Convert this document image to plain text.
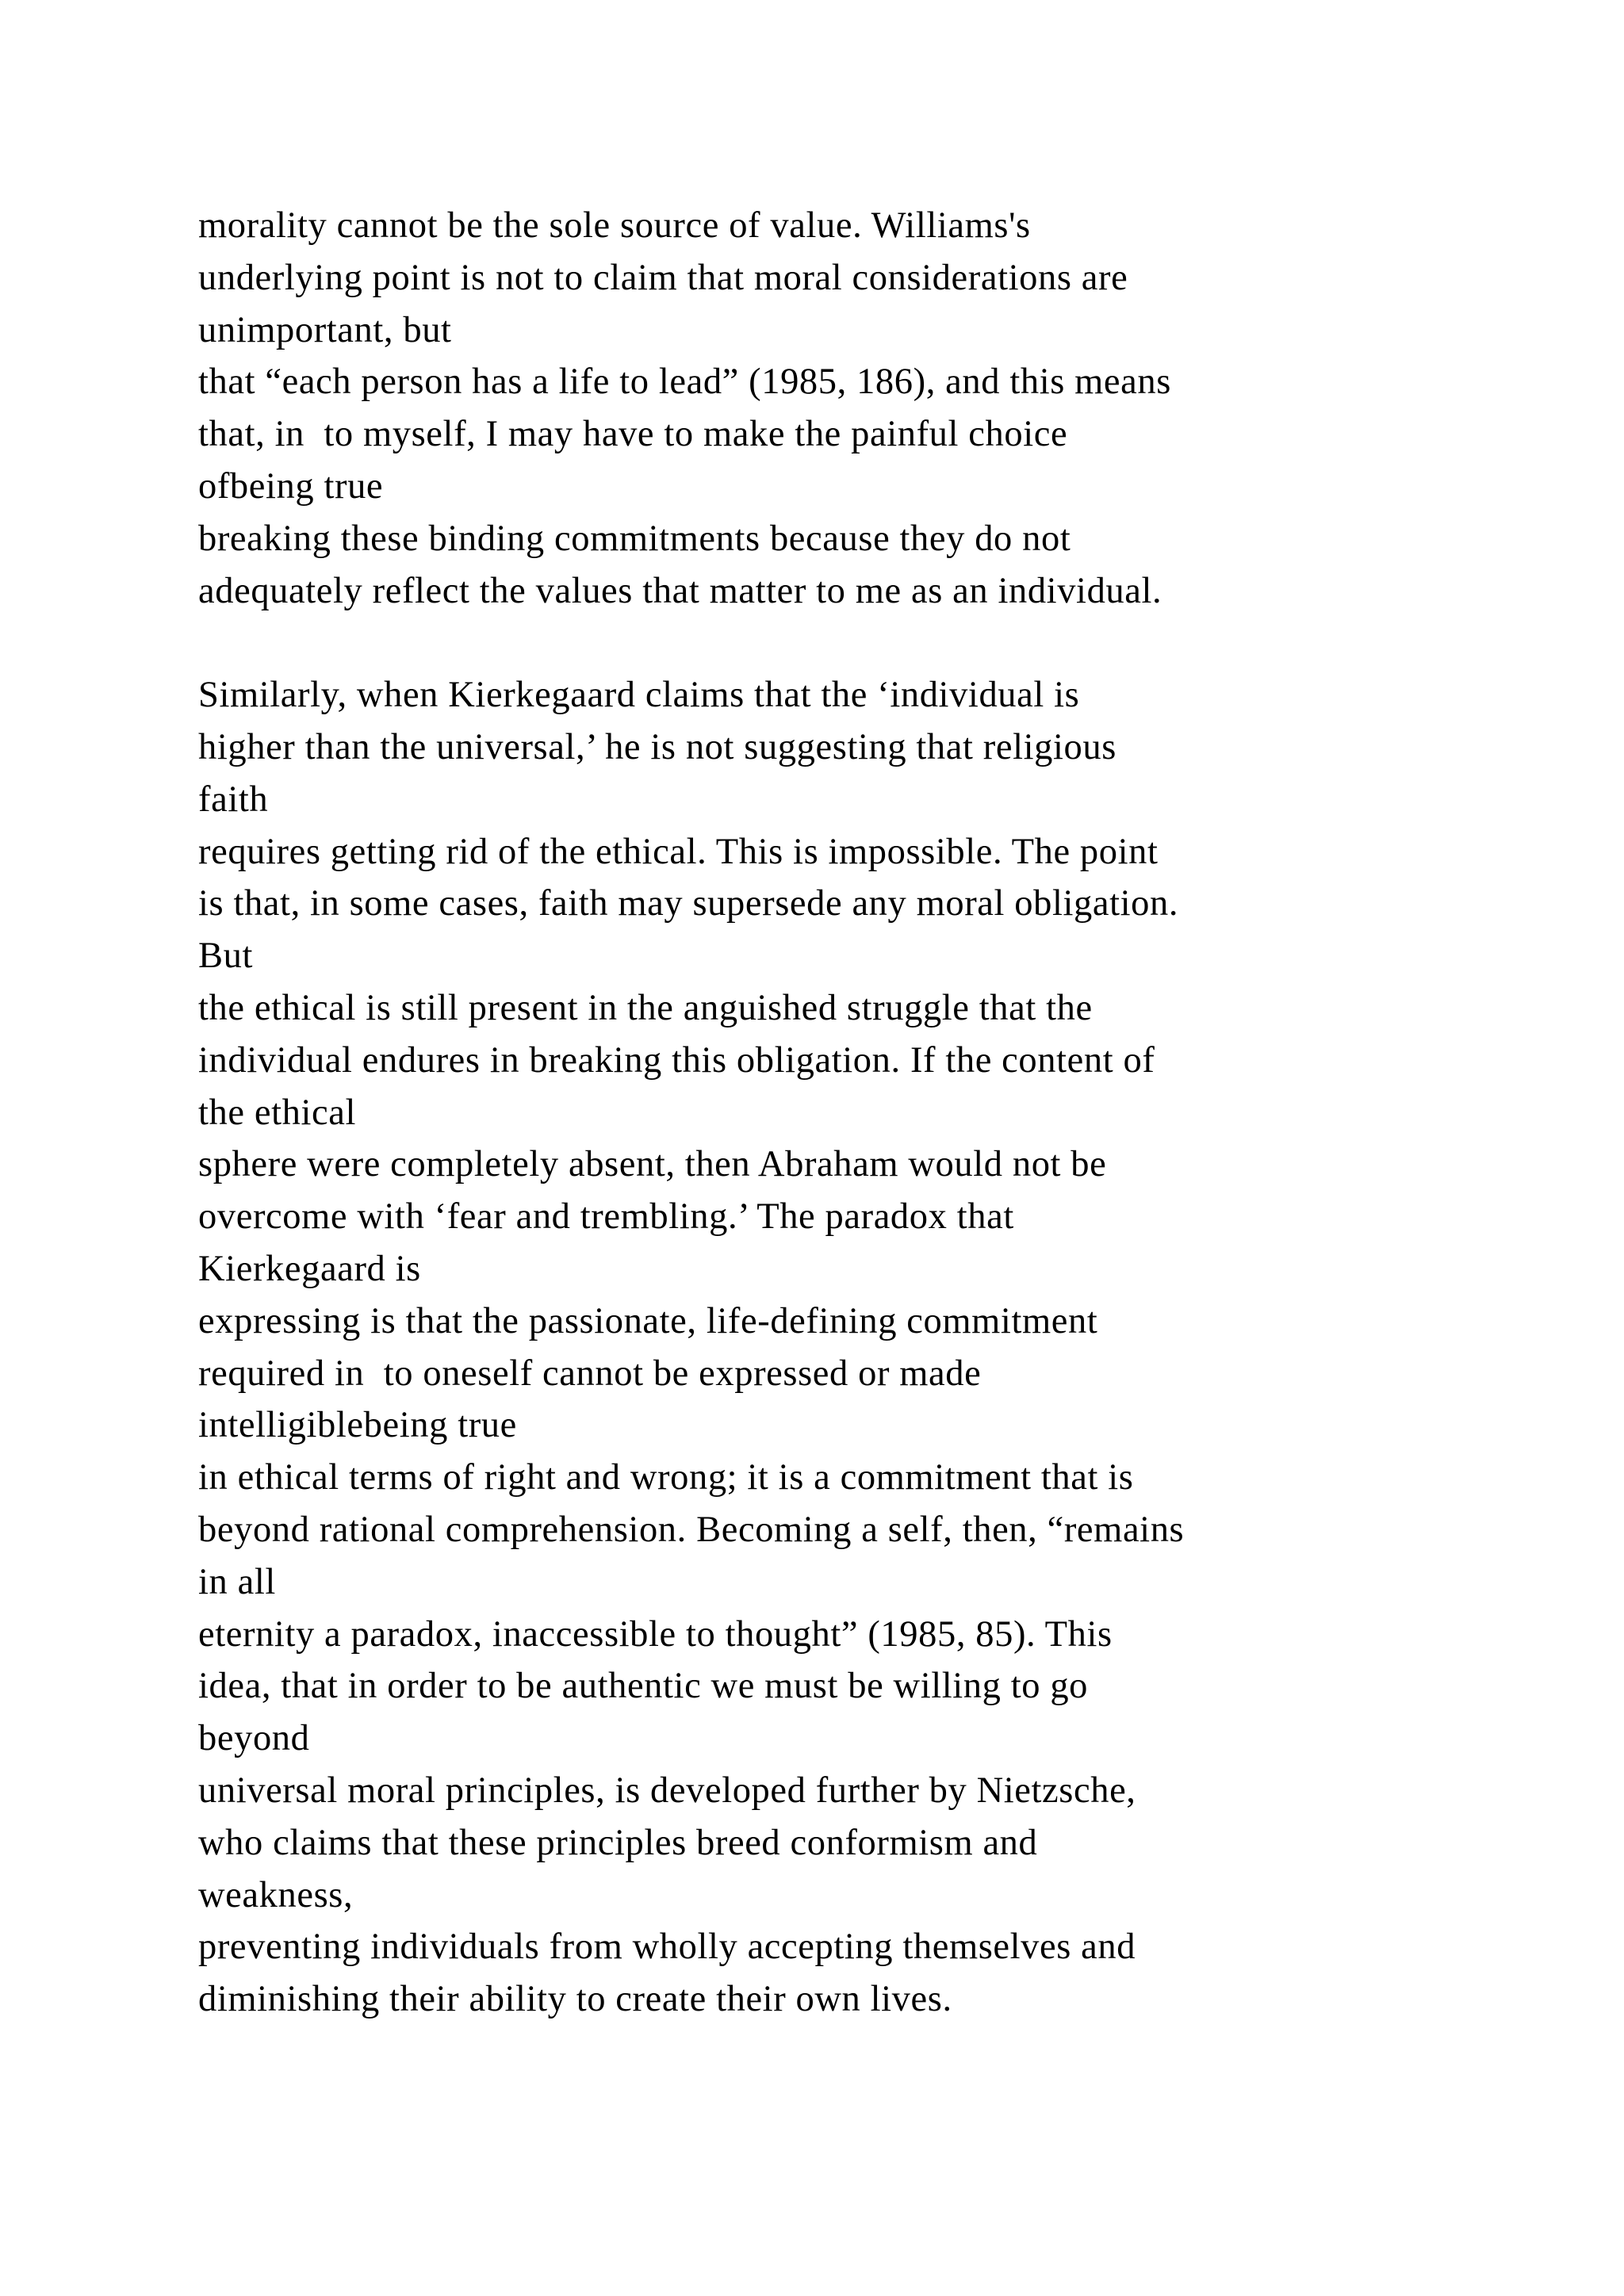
morality cannot be the sole source of value. Williams's
underlying point is not to claim that moral considerations are
unimportant, but
that “each person has a life to lead” (1985, 186), and this means
that, in  to myself, I may have to make the painful choice
ofbeing true
breaking these binding commitments because they do not
adequately reflect the values that matter to me as an individual.
Similarly, when Kierkegaard claims that the ‘individual is
higher than the universal,’ he is not suggesting that religious
faith
requires getting rid of the ethical. This is impossible. The point
is that, in some cases, faith may supersede any moral obligation.
But
the ethical is still present in the anguished struggle that the
individual endures in breaking this obligation. If the content of
the ethical
sphere were completely absent, then Abraham would not be
overcome with ‘fear and trembling.’ The paradox that
Kierkegaard is
expressing is that the passionate, life-defining commitment
required in  to oneself cannot be expressed or made
intelligiblebeing true
in ethical terms of right and wrong; it is a commitment that is
beyond rational comprehension. Becoming a self, then, “remains
in all
eternity a paradox, inaccessible to thought” (1985, 85). This
idea, that in order to be authentic we must be willing to go
beyond
universal moral principles, is developed further by Nietzsche,
who claims that these principles breed conformism and
weakness,
preventing individuals from wholly accepting themselves and
diminishing their ability to create their own lives.
